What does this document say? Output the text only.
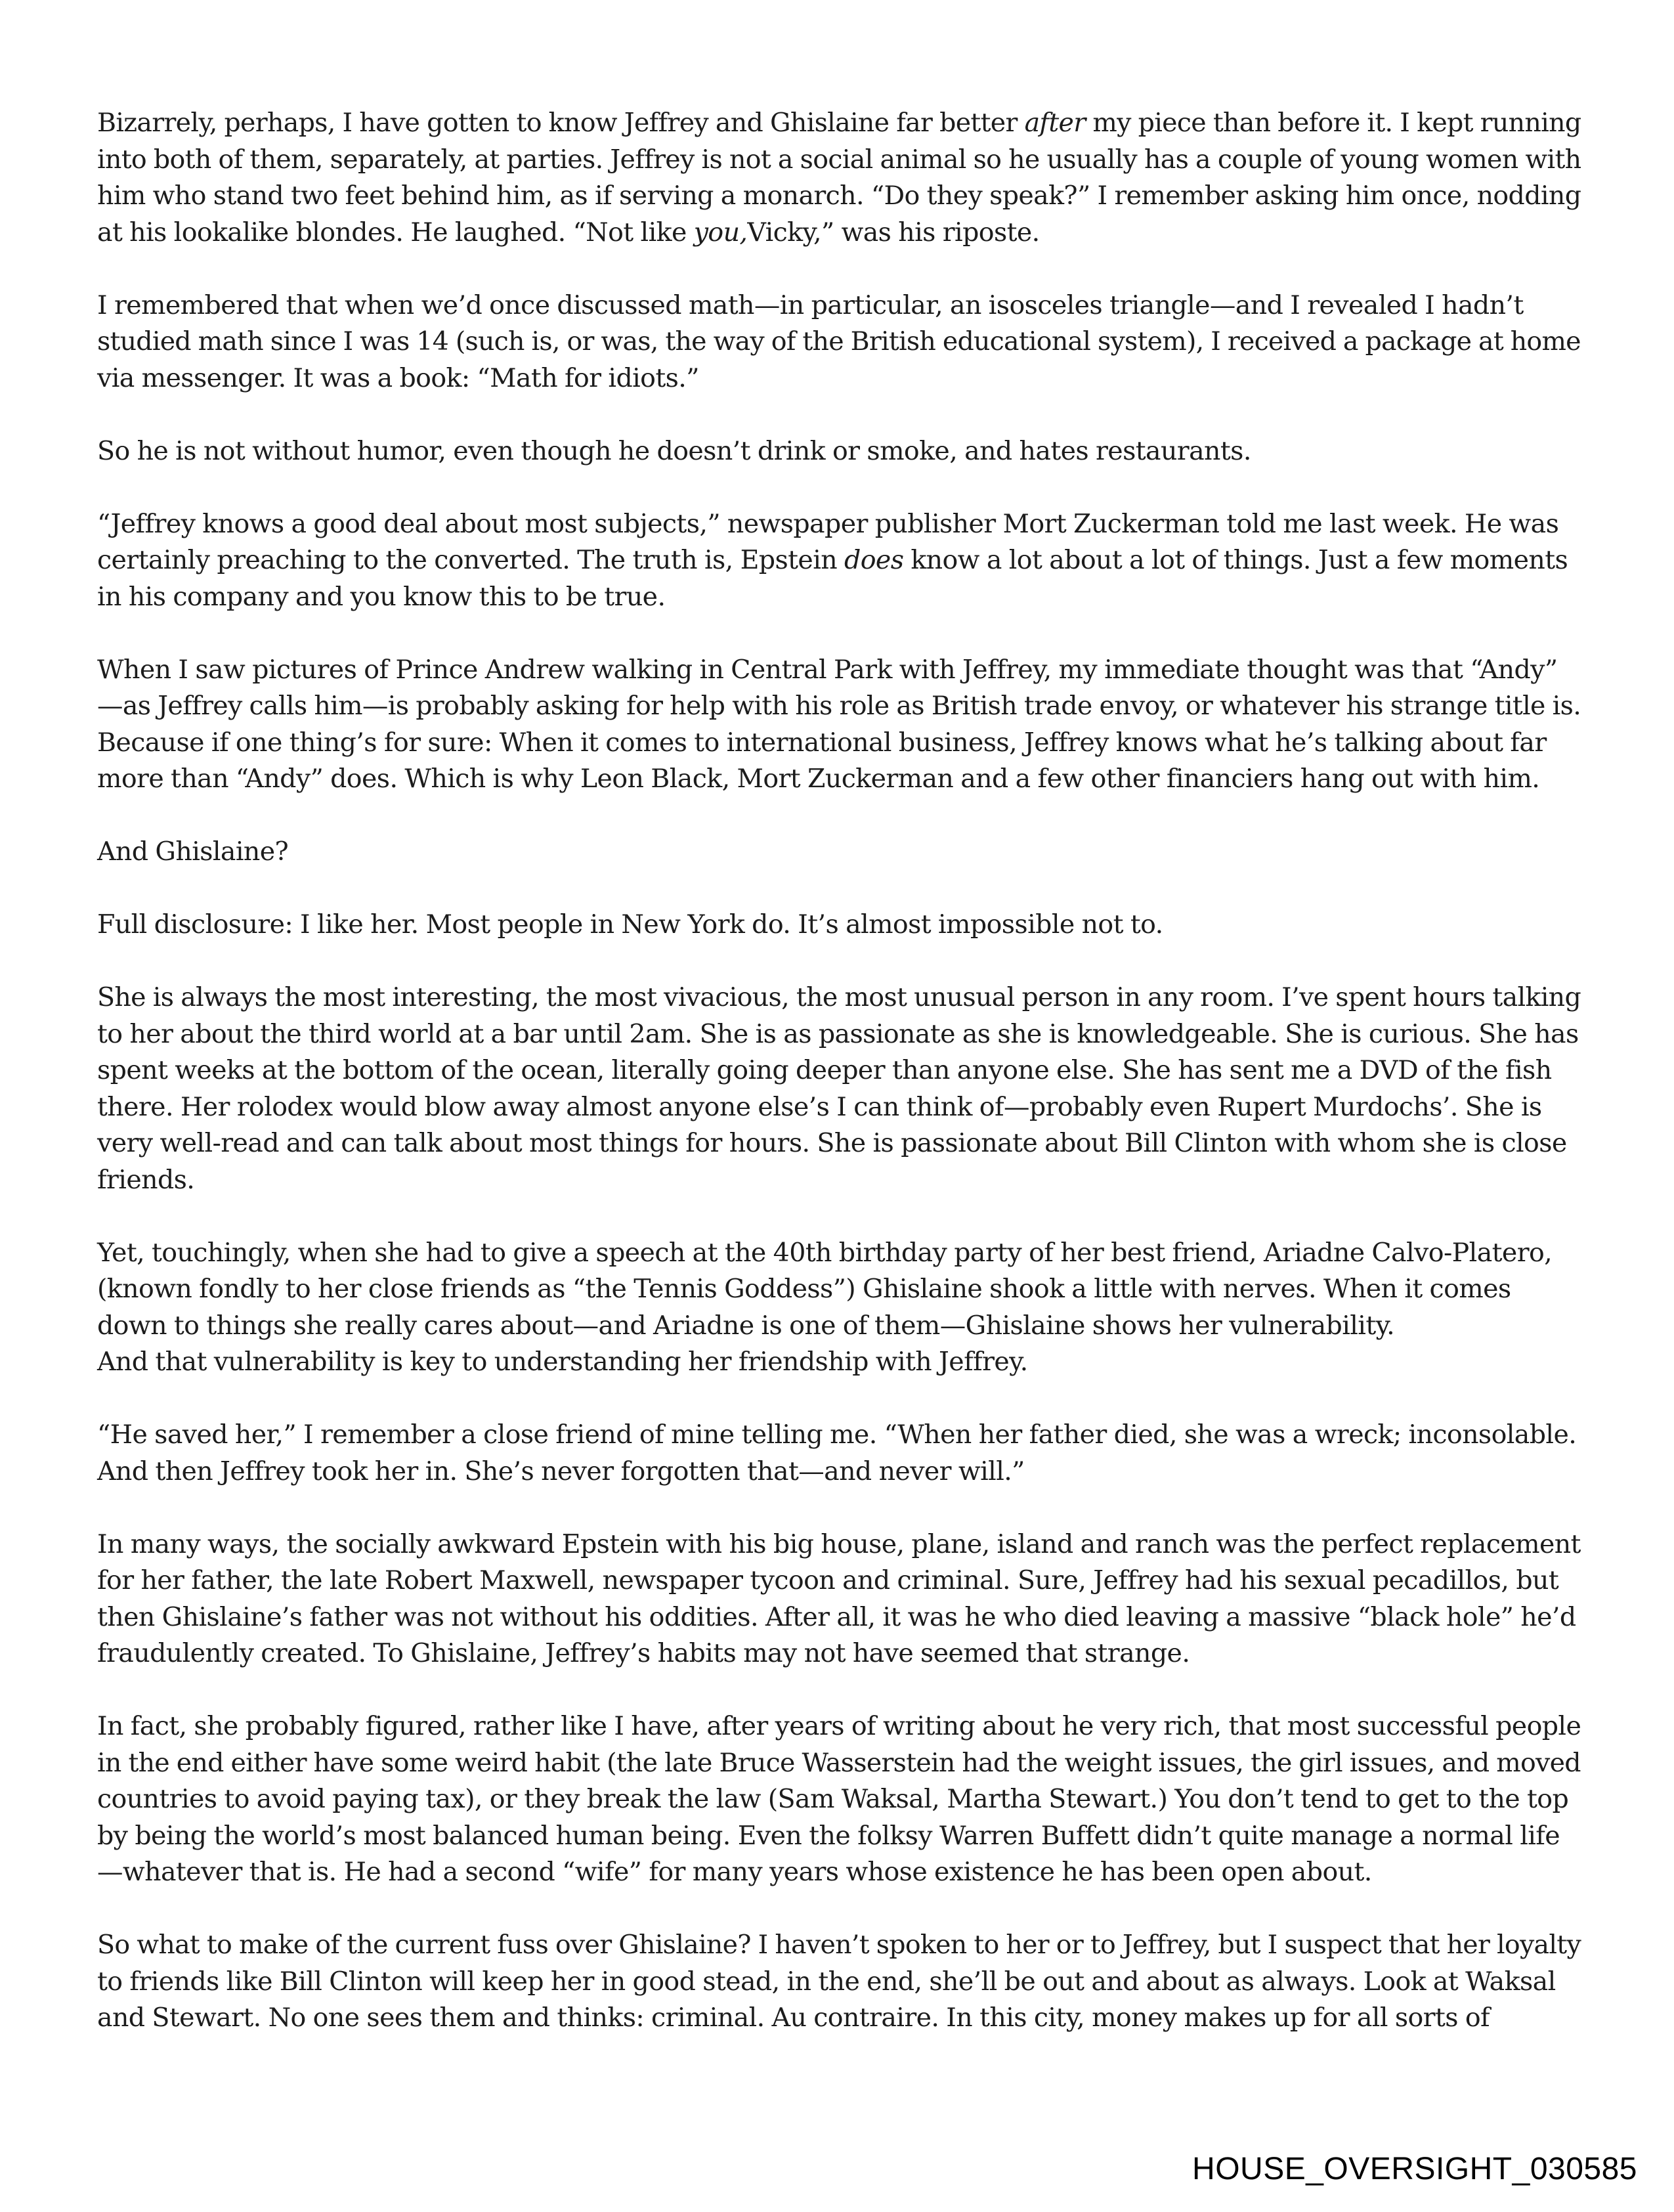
Bizarrely, perhaps, I have gotten to know Jeffrey and Ghislaine far better after my piece than before it. I kept running
into both of them, separately, at parties. Jeffrey is not a social animal so he usually has a couple of young women with
him who stand two feet behind him, as if serving a monarch. “Do they speak?” I remember asking him once, nodding
at his lookalike blondes. He laughed. “Not like you,Vicky,” was his riposte.

I remembered that when we’d once discussed math—in particular, an isosceles triangle—and I revealed I hadn’t
studied math since I was 14 (such is, or was, the way of the British educational system), I received a package at home
via messenger. It was a book: “Math for idiots.”

So he is not without humor, even though he doesn’t drink or smoke, and hates restaurants.

“Jeffrey knows a good deal about most subjects,” newspaper publisher Mort Zuckerman told me last week. He was
certainly preaching to the converted. The truth is, Epstein does know a lot about a lot of things. Just a few moments
in his company and you know this to be true.

When I saw pictures of Prince Andrew walking in Central Park with Jeffrey, my immediate thought was that “Andy”
—as Jeffrey calls him—is probably asking for help with his role as British trade envoy, or whatever his strange title is.
Because if one thing’s for sure: When it comes to international business, Jeffrey knows what he’s talking about far
more than “Andy” does. Which is why Leon Black, Mort Zuckerman and a few other financiers hang out with him.

And Ghislaine?

Full disclosure: I like her. Most people in New York do. It’s almost impossible not to.

She is always the most interesting, the most vivacious, the most unusual person in any room. I’ve spent hours talking
to her about the third world at a bar until 2am. She is as passionate as she is knowledgeable. She is curious. She has
spent weeks at the bottom of the ocean, literally going deeper than anyone else. She has sent me a DVD of the fish
there. Her rolodex would blow away almost anyone else’s I can think of—probably even Rupert Murdochs’. She is
very well-read and can talk about most things for hours. She is passionate about Bill Clinton with whom she is close
friends.

Yet, touchingly, when she had to give a speech at the 40th birthday party of her best friend, Ariadne Calvo-Platero,
(known fondly to her close friends as “the Tennis Goddess”) Ghislaine shook a little with nerves. When it comes
down to things she really cares about—and Ariadne is one of them—Ghislaine shows her vulnerability.
And that vulnerability is key to understanding her friendship with Jeffrey.

“He saved her,” I remember a close friend of mine telling me. “When her father died, she was a wreck; inconsolable.
And then Jeffrey took her in. She’s never forgotten that—and never will.”

In many ways, the socially awkward Epstein with his big house, plane, island and ranch was the perfect replacement
for her father, the late Robert Maxwell, newspaper tycoon and criminal. Sure, Jeffrey had his sexual pecadillos, but
then Ghislaine’s father was not without his oddities. After all, it was he who died leaving a massive “black hole” he’d
fraudulently created. To Ghislaine, Jeffrey’s habits may not have seemed that strange.

In fact, she probably figured, rather like I have, after years of writing about he very rich, that most successful people
in the end either have some weird habit (the late Bruce Wasserstein had the weight issues, the girl issues, and moved
countries to avoid paying tax), or they break the law (Sam Waksal, Martha Stewart.) You don’t tend to get to the top
by being the world’s most balanced human being. Even the folksy Warren Buffett didn’t quite manage a normal life
—whatever that is. He had a second “wife” for many years whose existence he has been open about.

So what to make of the current fuss over Ghislaine? I haven’t spoken to her or to Jeffrey, but I suspect that her loyalty
to friends like Bill Clinton will keep her in good stead, in the end, she’ll be out and about as always. Look at Waksal
and Stewart. No one sees them and thinks: criminal. Au contraire. In this city, money makes up for all sorts of

HOUSE_OVERSIGHT_030585
